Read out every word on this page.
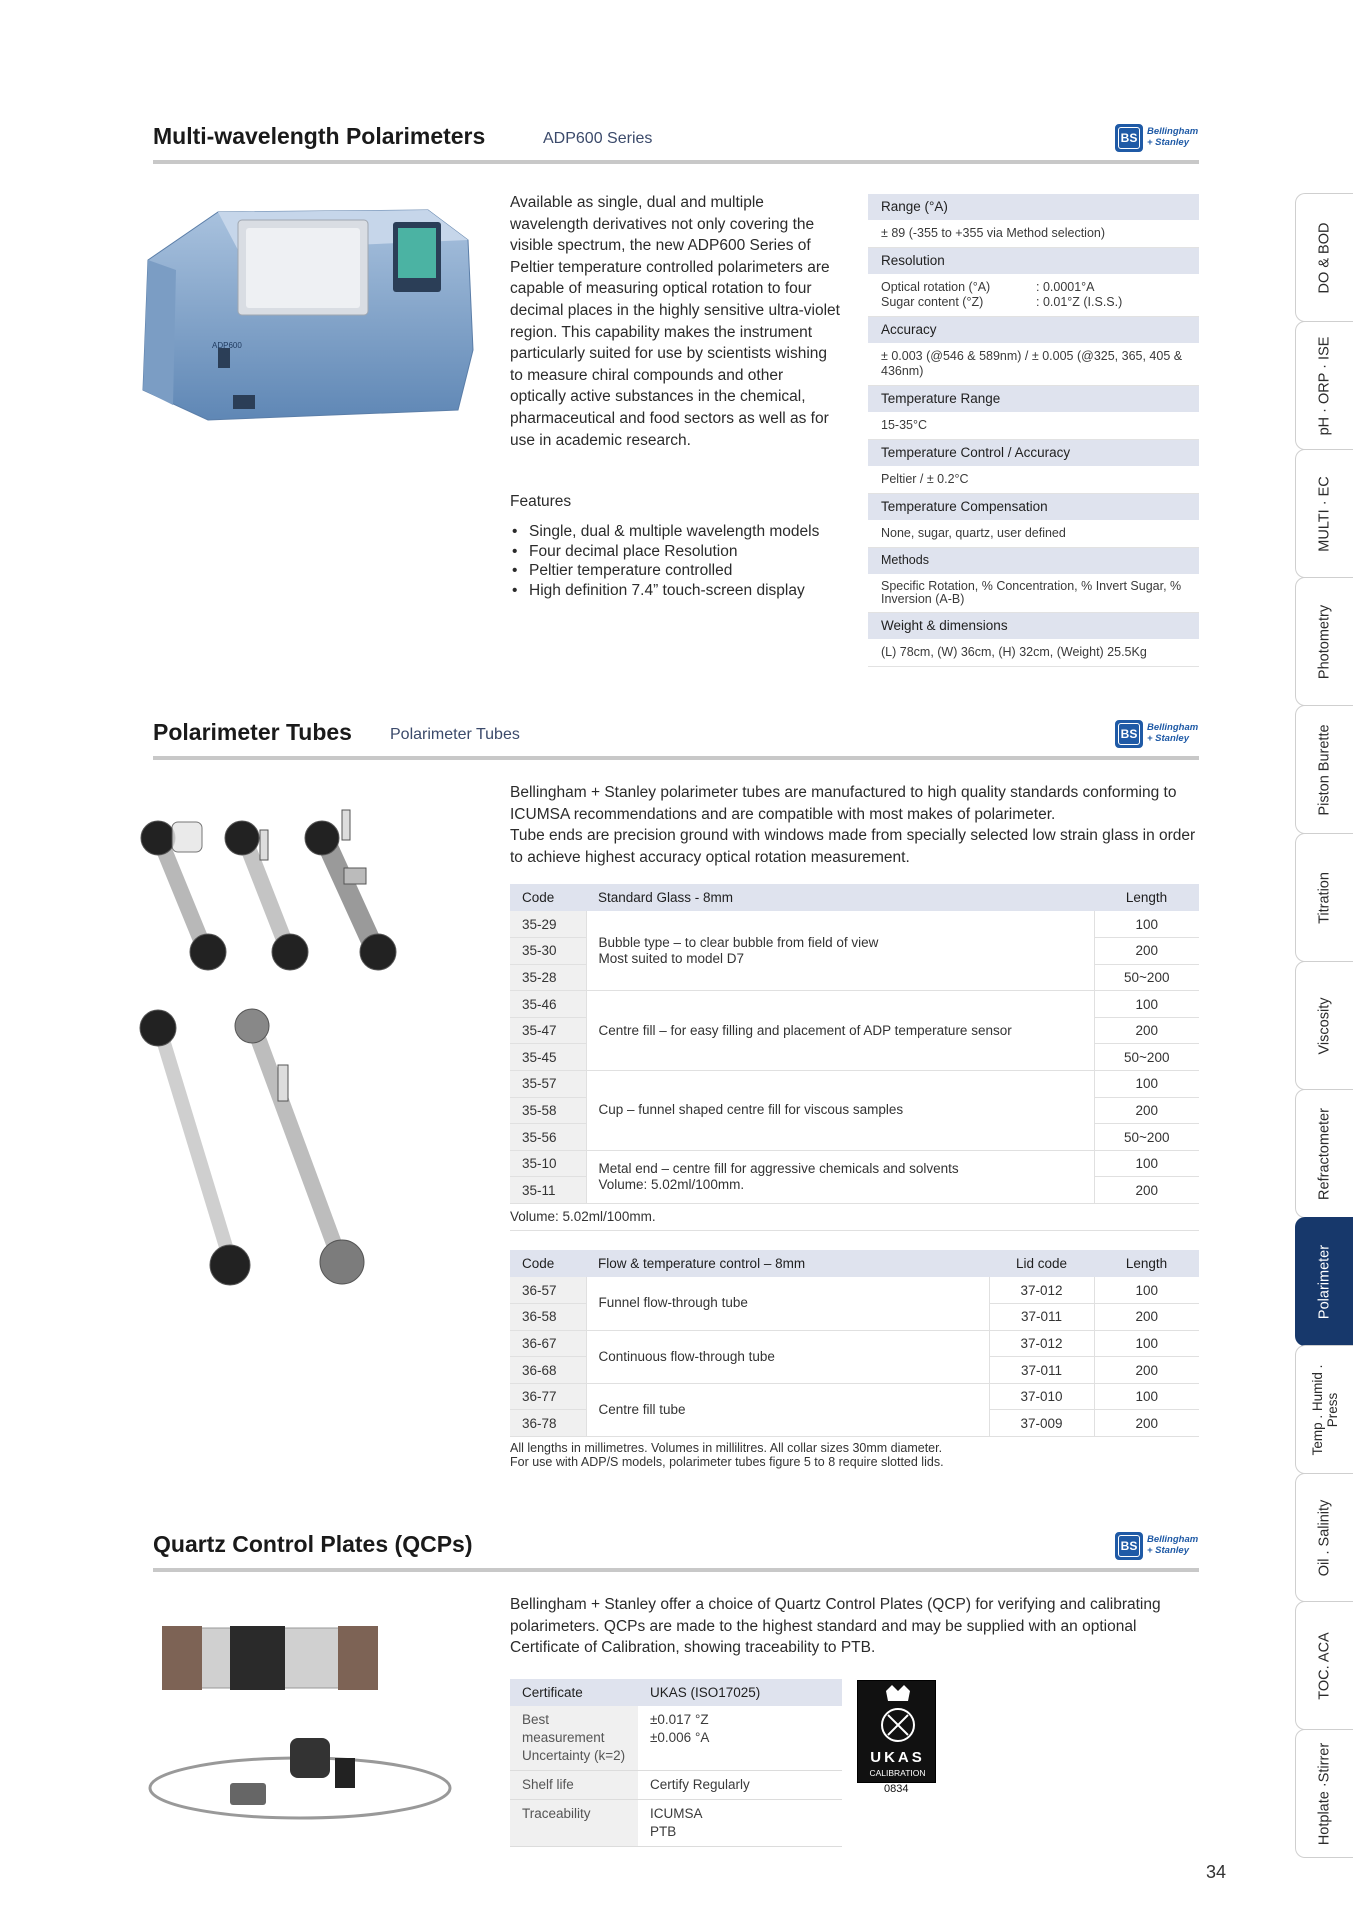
Multi-wavelength Polarimeters	ADP600 Series	BS Bellingham
+ Stanley
ADP600
Available as single, dual and multiple wavelength derivatives not only covering the visible spectrum, the new ADP600 Series of Peltier temperature controlled polarimeters are capable of measuring optical rotation to four decimal places in the highly sensitive ultra-violet region. This capability makes the instrument particularly suited for use by scientists wishing to measure chiral compounds and other optically active substances in the chemical, pharmaceutical and food sectors as well as for use in academic research.
Features
• Single, dual & multiple wavelength models
• Four decimal place Resolution
• Peltier temperature controlled
• High definition 7.4” touch-screen display
Range (°A)
± 89 (-355 to +355 via Method selection)
Resolution
Optical rotation (°A)	: 0.0001°A
Sugar content (°Z)	: 0.01°Z (I.S.S.)
Accuracy
± 0.003 (@546 & 589nm) / ± 0.005 (@325, 365, 405 & 436nm)
Temperature Range
15-35°C
Temperature Control / Accuracy
Peltier / ± 0.2°C
Temperature Compensation
None, sugar, quartz, user defined
Methods
Specific Rotation, % Concentration, % Invert Sugar, % Inversion (A-B)
Weight & dimensions
(L) 78cm, (W) 36cm, (H) 32cm, (Weight) 25.5Kg
Polarimeter Tubes Polarimeter Tubes	BS Bellingham
+ Stanley
Bellingham + Stanley polarimeter tubes are manufactured to high quality standards conforming to ICUMSA recommendations and are compatible with most makes of polarimeter.
Tube ends are precision ground with windows made from specially selected low strain glass in order to achieve highest accuracy optical rotation measurement.
Code	Standard Glass - 8mm	Length
35-29	Bubble type – to clear bubble from field of view
Most suited to model D7	100
35-30		200
35-28		50~200
35-46	Centre fill – for easy filling and placement of ADP temperature sensor	100
35-47		200
35-45		50~200
35-57	Cup – funnel shaped centre fill for viscous samples	100
35-58		200
35-56		50~200
35-10	Metal end – centre fill for aggressive chemicals and solvents
Volume: 5.02ml/100mm.	100
35-11		200
Volume: 5.02ml/100mm.		
Code	Flow & temperature control – 8mm	Lid code	Length
36-57	Funnel flow-through tube	37-012	100
36-58		37-011	200
36-67	Continuous flow-through tube	37-012	100
36-68		37-011	200
36-77	Centre fill tube	37-010	100
36-78		37-009	200
All lengths in millimetres. Volumes in millilitres. All collar sizes 30mm diameter.
For use with ADP/S models, polarimeter tubes figure 5 to 8 require slotted lids.
Quartz Control Plates (QCPs)	BS Bellingham
+ Stanley
Bellingham + Stanley offer a choice of Quartz Control Plates (QCP) for verifying and calibrating polarimeters. QCPs are made to the highest standard and may be supplied with an optional Certificate of Calibration, showing traceability to PTB.
Certificate	UKAS (ISO17025)
Best measurement Uncertainty (k=2)	±0.017 °Z
±0.006 °A
Shelf life	Certify Regularly
Traceability	ICUMSA
PTB
UKAS
CALIBRATION
0834
DO & BOD
pH · ORP · ISE
MULTI · EC
Photometry
Piston Burette
Titration
Viscosity
Refractometer
Polarimeter
Temp . Humid . Press
Oil . Salinity
TOC. ACA
Hotplate ·Stirrer
34
